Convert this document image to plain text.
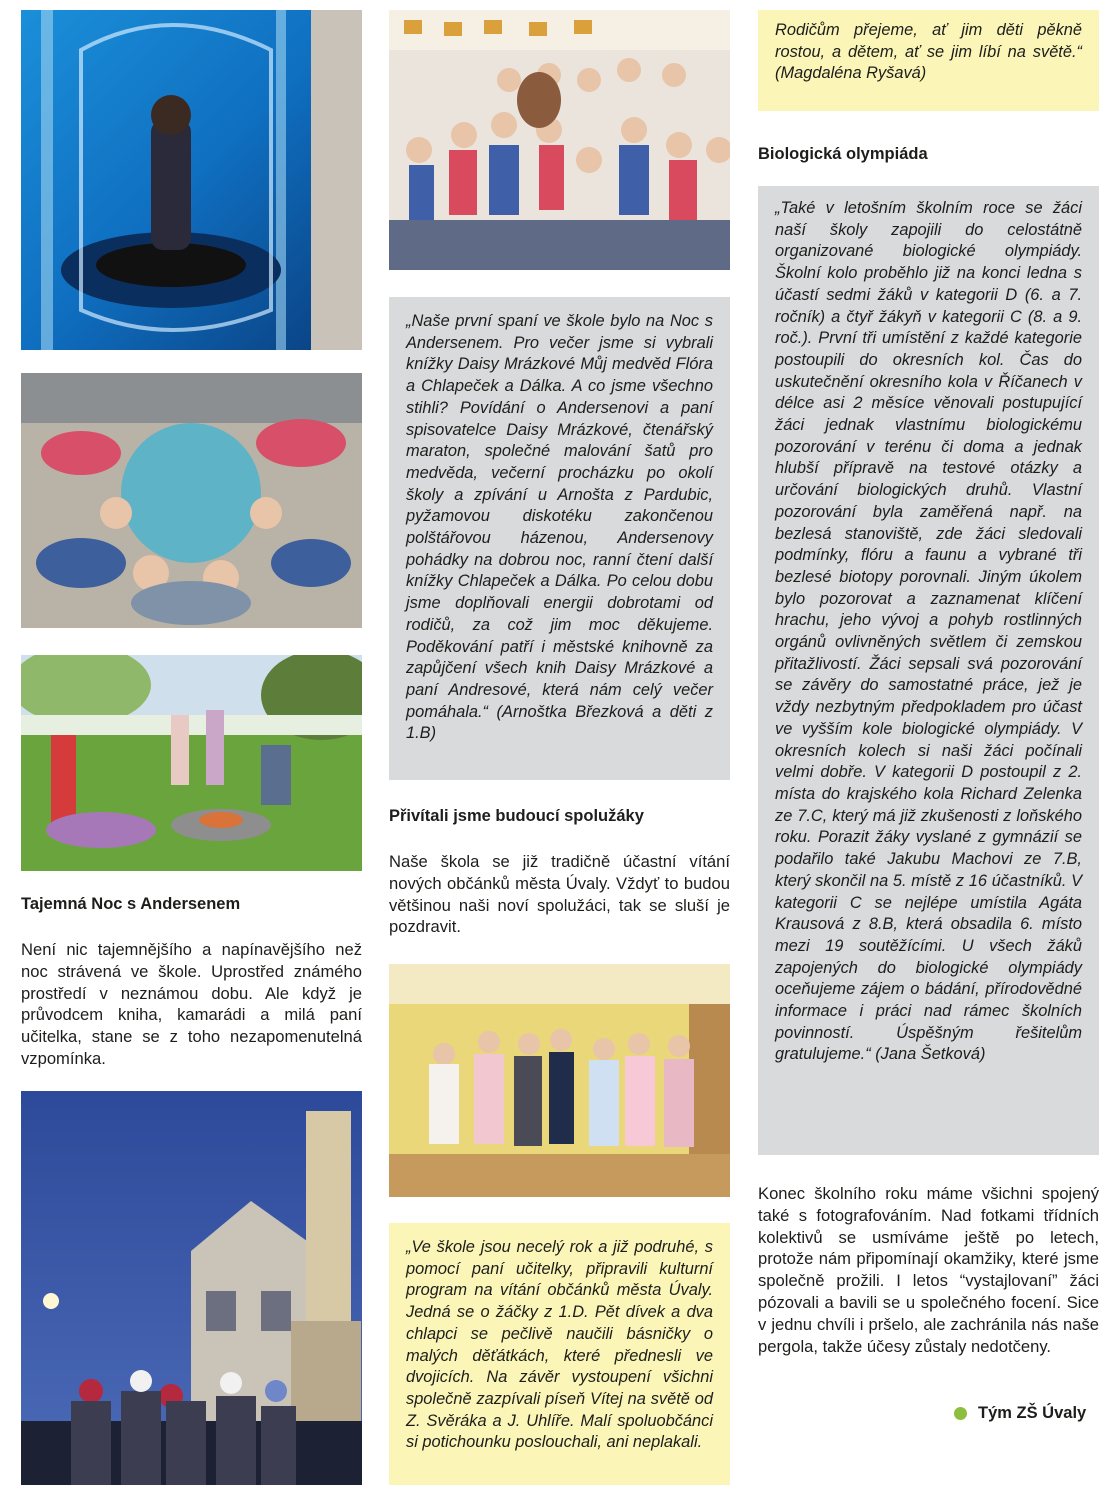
Tajemná Noc s Andersenem

Není nic tajemnějšího a napínavějšího než noc strávená ve škole. Uprostřed známého prostředí v neznámou dobu. Ale když je průvodcem kniha, kamarádi a milá paní učitelka, stane se z toho nezapomenutelná vzpomínka.

„Naše první spaní ve škole bylo na Noc s Andersenem. Pro večer jsme si vybrali knížky Daisy Mrázkové Můj medvěd Flóra a Chlapeček a Dálka. A co jsme všechno stihli? Povídání o Andersenovi a paní spisovatelce Daisy Mrázkové, čtenářský maraton, společné malování šatů pro medvěda, večerní procházku po okolí školy a zpívání u Arnošta z Pardubic, pyžamovou diskotéku zakončenou polštářovou házenou, Andersenovy pohádky na dobrou noc, ranní čtení další knížky Chlapeček a Dálka. Po celou dobu jsme doplňovali energii dobrotami od rodičů, za což jim moc děkujeme. Poděkování patří i městské knihovně za zapůjčení všech knih Daisy Mrázkové a paní Andresové, která nám celý večer pomáhala.“ (Arnoštka Březková a děti z 1.B)
Přivítali jsme budoucí spolužáky

Naše škola se již tradičně účastní vítání nových občánků města Úvaly. Vždyť to budou většinou naši noví spolužáci, tak se sluší je pozdravit.

„Ve škole jsou necelý rok a již podruhé, s pomocí paní učitelky, připravili kulturní program na vítání občánků města Úvaly. Jedná se o žáčky z 1.D. Pět dívek a dva chlapci se pečlivě naučili básničky o malých děťátkách, které přednesli ve dvojicích. Na závěr vystoupení všichni společně zazpívali píseň Vítej na světě od Z. Svěráka a J. Uhlíře. Malí spoluobčánci si potichounku poslouchali, ani neplakali.
Rodičům přejeme, ať jim děti pěkně rostou, a dětem, ať se jim líbí na světě.“ (Magdaléna Ryšavá)
Biologická olympiáda
„Také v letošním školním roce se žáci naší školy zapojili do celostátně organizované biologické olympiády. Školní kolo proběhlo již na konci ledna s účastí sedmi žáků v kategorii D (6. a 7. ročník) a čtyř žákyň v kategorii C (8. a 9. roč.). První tři umístění z každé kategorie postoupili do okresních kol. Čas do uskutečnění okresního kola v Říčanech v délce asi 2 měsíce věnovali postupující žáci jednak vlastnímu biologickému pozorování v terénu či doma a jednak hlubší přípravě na testové otázky a určování biologických druhů. Vlastní pozorování byla zaměřená např. na bezlesá stanoviště, zde žáci sledovali podmínky, flóru a faunu a vybrané tři bezlesé biotopy porovnali. Jiným úkolem bylo pozorovat a zaznamenat klíčení hrachu, jeho vývoj a pohyb rostlinných orgánů ovlivněných světlem či zemskou přitažlivostí. Žáci sepsali svá pozorování se závěry do samostatné práce, jež je vždy nezbytným předpokladem pro účast ve vyšším kole biologické olympiády. V okresních kolech si naši žáci počínali velmi dobře. V kategorii D postoupil z 2. místa do krajského kola Richard Zelenka ze 7.C, který má již zkušenosti z loňského roku. Porazit žáky vyslané z gymnázií se podařilo také Jakubu Machovi ze 7.B, který skončil na 5. místě z 16 účastníků. V kategorii C se nejlépe umístila Agáta Krausová z 8.B, která obsadila 6. místo mezi 19 soutěžícími. U všech žáků zapojených do biologické olympiády oceňujeme zájem o bádání, přírodovědné informace i práci nad rámec školních povinností. Úspěšným řešitelům gratulujeme.“ (Jana Šetková)

Konec školního roku máme všichni spojený také s fotografováním. Nad fotkami třídních kolektivů se usmíváme ještě po letech, protože nám připomínají okamžiky, které jsme společně prožili. I letos “vystajlovaní” žáci pózovali a bavili se u společného focení. Sice v jednu chvíli i pršelo, ale zachránila nás naše pergola, takže účesy zůstaly nedotčeny.

Tým ZŠ Úvaly
